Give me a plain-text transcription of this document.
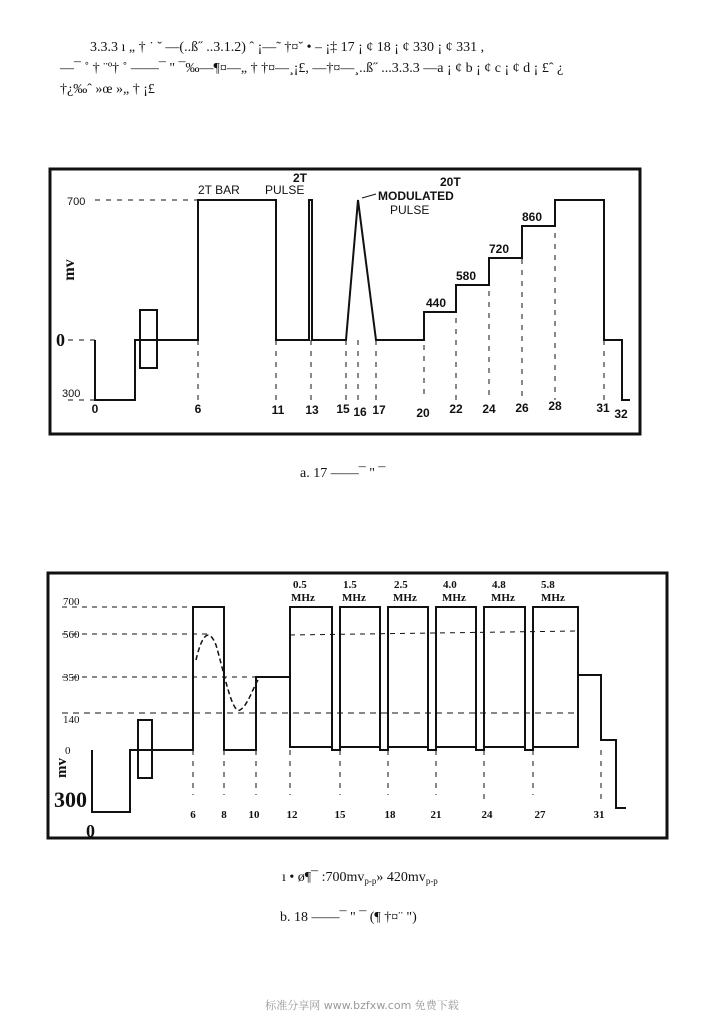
3.3.3 ı „ † ˙ ˘ —(..ß˝ ..3.1.2) ˆ ¡—˜ †¤˘ • – ¡‡ 17 ¡ ¢ 18 ¡ ¢ 330 ¡ ¢ 331 ,

—¯ ˚ † ¨º† ˚ ——¯ " ¯‰—¶¤—„ † †¤—¸¡£, —†¤—¸..ß˝ ...3.3.3 —a ¡ ¢ b ¡ ¢ c ¡ ¢ d ¡ £ˆ ¿

†¿‰ˆ »œ »„ † ¡£

700
0
300
mv
2T BAR PULSE
2T
MODULATED
PULSE
20T
440
580
720
860
0	6	11 13 15 16 17	20 22 24 26 28	31 32
a. 17 ——¯ " ¯
700
560
350
140
0
mv
300
0
0.5
MHz
1.5
MHz
2.5
MHz
4.0
MHz
4.8
MHz
5.8
MHz
6 8 10 12	15	18	21	24	27	31
ı • ø¶¯ $:700mv_{p-p}$» $420mv_{p-p}$
b. 18 ——¯ " ¯ (¶ †¤¨ ")
标准分享网 www.bzfxw.com 免费下载
